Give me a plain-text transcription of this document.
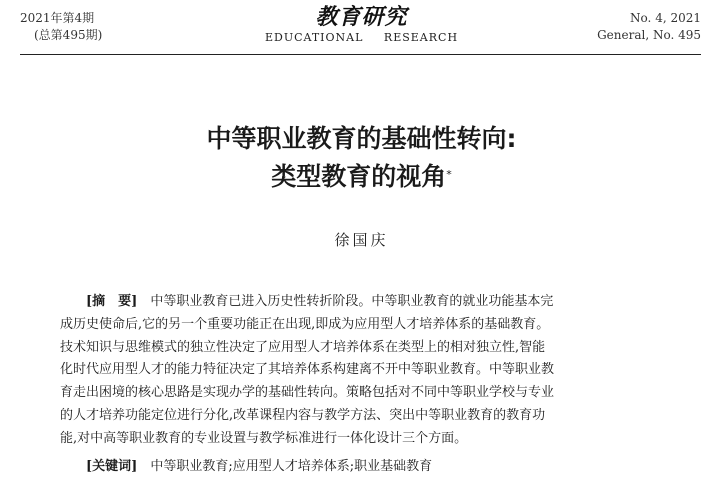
2021年第4期
(总第495期)
教育研究
EDUCATIONAL RESEARCH
No. 4, 2021
General, No. 495
中等职业教育的基础性转向:
类型教育的视角*
徐国庆
[摘　要]　 中等职业教育已进入历史性转折阶段。中等职业教育的就业功能基本完
成历史使命后,它的另一个重要功能正在出现,即成为应用型人才培养体系的基础教育。
技术知识与思维模式的独立性决定了应用型人才培养体系在类型上的相对独立性,智能
化时代应用型人才的能力特征决定了其培养体系构建离不开中等职业教育。中等职业教
育走出困境的核心思路是实现办学的基础性转向。策略包括对不同中等职业学校与专业
的人才培养功能定位进行分化,改革课程内容与教学方法、突出中等职业教育的教育功
能,对中高等职业教育的专业设置与教学标准进行一体化设计三个方面。
[关键词]　 中等职业教育;应用型人才培养体系;职业基础教育
